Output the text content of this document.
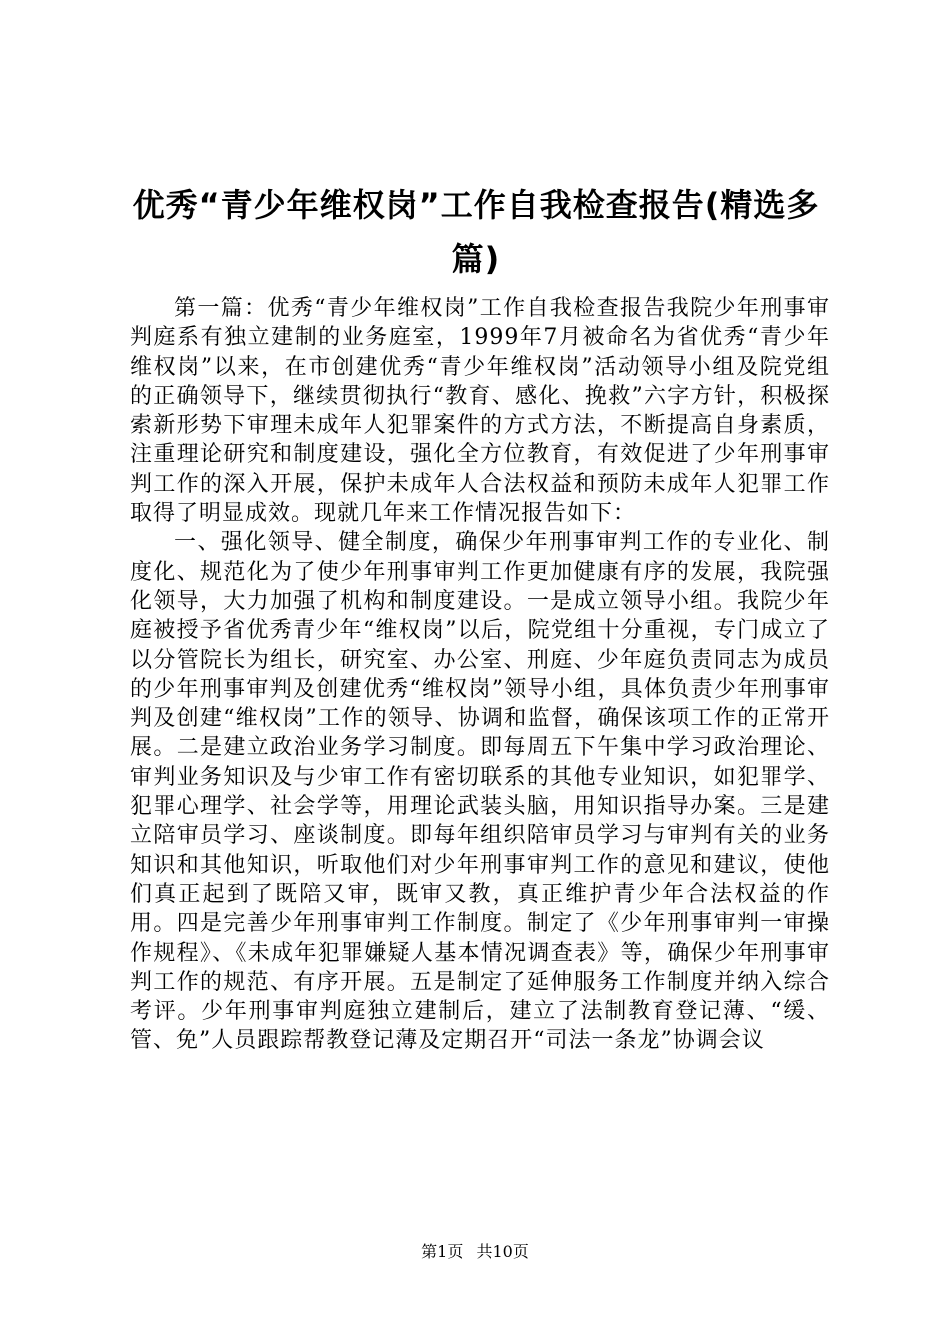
优秀“青少年维权岗”工作自我检查报告(精选多篇)

第一篇：优秀“青少年维权岗”工作自我检查报告我院少年刑事审判庭系有独立建制的业务庭室，1999年7月被命名为省优秀“青少年维权岗”以来，在市创建优秀“青少年维权岗”活动领导小组及院党组的正确领导下，继续贯彻执行“教育、感化、挽救”六字方针，积极探索新形势下审理未成年人犯罪案件的方式方法，不断提高自身素质，注重理论研究和制度建设，强化全方位教育，有效促进了少年刑事审判工作的深入开展，保护未成年人合法权益和预防未成年人犯罪工作取得了明显成效。现就几年来工作情况报告如下：

一、强化领导、健全制度，确保少年刑事审判工作的专业化、制度化、规范化为了使少年刑事审判工作更加健康有序的发展，我院强化领导，大力加强了机构和制度建设。一是成立领导小组。我院少年庭被授予省优秀青少年“维权岗”以后，院党组十分重视，专门成立了以分管院长为组长，研究室、办公室、刑庭、少年庭负责同志为成员的少年刑事审判及创建优秀“维权岗”领导小组，具体负责少年刑事审判及创建“维权岗”工作的领导、协调和监督，确保该项工作的正常开展。二是建立政治业务学习制度。即每周五下午集中学习政治理论、审判业务知识及与少审工作有密切联系的其他专业知识，如犯罪学、犯罪心理学、社会学等，用理论武装头脑，用知识指导办案。三是建立陪审员学习、座谈制度。即每年组织陪审员学习与审判有关的业务知识和其他知识，听取他们对少年刑事审判工作的意见和建议，使他们真正起到了既陪又审，既审又教，真正维护青少年合法权益的作用。四是完善少年刑事审判工作制度。制定了《少年刑事审判一审操作规程》、《未成年犯罪嫌疑人基本情况调查表》等，确保少年刑事审判工作的规范、有序开展。五是制定了延伸服务工作制度并纳入综合考评。少年刑事审判庭独立建制后，建立了法制教育登记薄、“缓、管、免”人员跟踪帮教登记薄及定期召开“司法一条龙”协调会议

第1页 共10页
